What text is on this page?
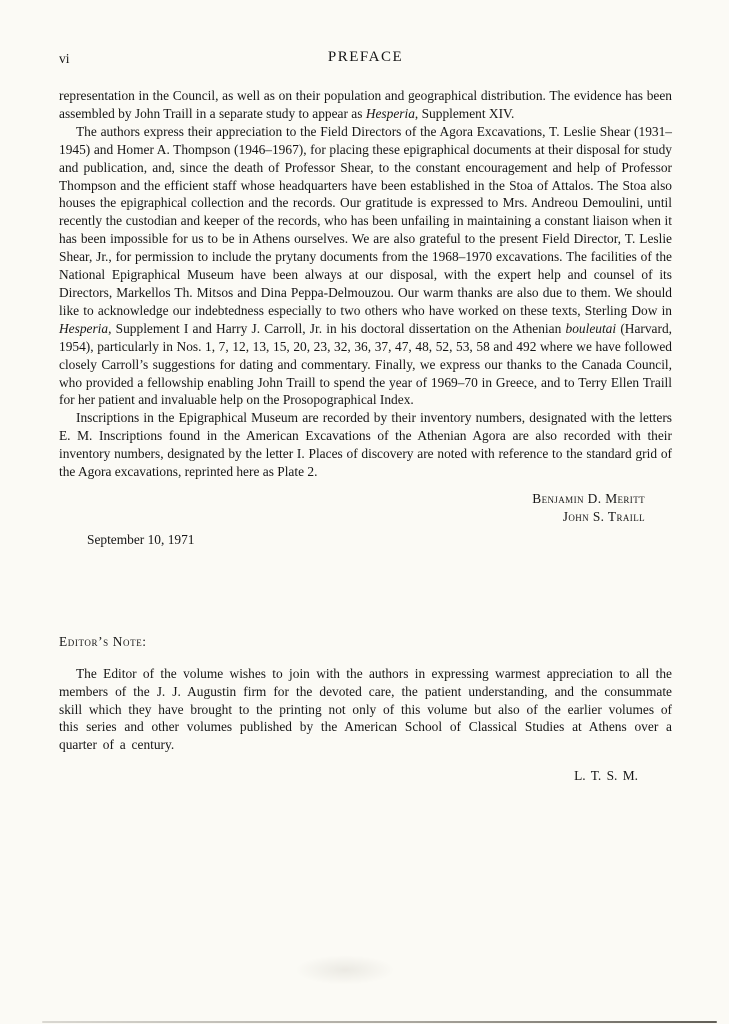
vi	PREFACE

representation in the Council, as well as on their population and geographical distribution. The evidence has been assembled by John Traill in a separate study to appear as Hesperia, Supplement XIV.

The authors express their appreciation to the Field Directors of the Agora Excavations, T. Leslie Shear (1931–1945) and Homer A. Thompson (1946–1967), for placing these epigraphical documents at their disposal for study and publication, and, since the death of Professor Shear, to the constant encouragement and help of Professor Thompson and the efficient staff whose headquarters have been established in the Stoa of Attalos. The Stoa also houses the epigraphical collection and the records. Our gratitude is expressed to Mrs. Andreou Demoulini, until recently the custodian and keeper of the records, who has been unfailing in maintaining a constant liaison when it has been impossible for us to be in Athens ourselves. We are also grateful to the present Field Director, T. Leslie Shear, Jr., for permission to include the prytany documents from the 1968–1970 excavations. The facilities of the National Epigraphical Museum have been always at our disposal, with the expert help and counsel of its Directors, Markellos Th. Mitsos and Dina Peppa-Delmouzou. Our warm thanks are also due to them. We should like to acknowledge our indebtedness especially to two others who have worked on these texts, Sterling Dow in Hesperia, Supplement I and Harry J. Carroll, Jr. in his doctoral dissertation on the Athenian bouleutai (Harvard, 1954), particularly in Nos. 1, 7, 12, 13, 15, 20, 23, 32, 36, 37, 47, 48, 52, 53, 58 and 492 where we have followed closely Carroll’s suggestions for dating and commentary. Finally, we express our thanks to the Canada Council, who provided a fellowship enabling John Traill to spend the year of 1969–70 in Greece, and to Terry Ellen Traill for her patient and invaluable help on the Prosopographical Index.

Inscriptions in the Epigraphical Museum are recorded by their inventory numbers, designated with the letters E. M. Inscriptions found in the American Excavations of the Athenian Agora are also recorded with their inventory numbers, designated by the letter I. Places of discovery are noted with reference to the standard grid of the Agora excavations, reprinted here as Plate 2.

Benjamin D. Meritt
John S. Traill
September 10, 1971
Editor’s Note:

The Editor of the volume wishes to join with the authors in expressing warmest appreciation to all the members of the J. J. Augustin firm for the devoted care, the patient understanding, and the consummate skill which they have brought to the printing not only of this volume but also of the earlier volumes of this series and other volumes published by the American School of Classical Studies at Athens over a quarter of a century.

L. T. S. M.
